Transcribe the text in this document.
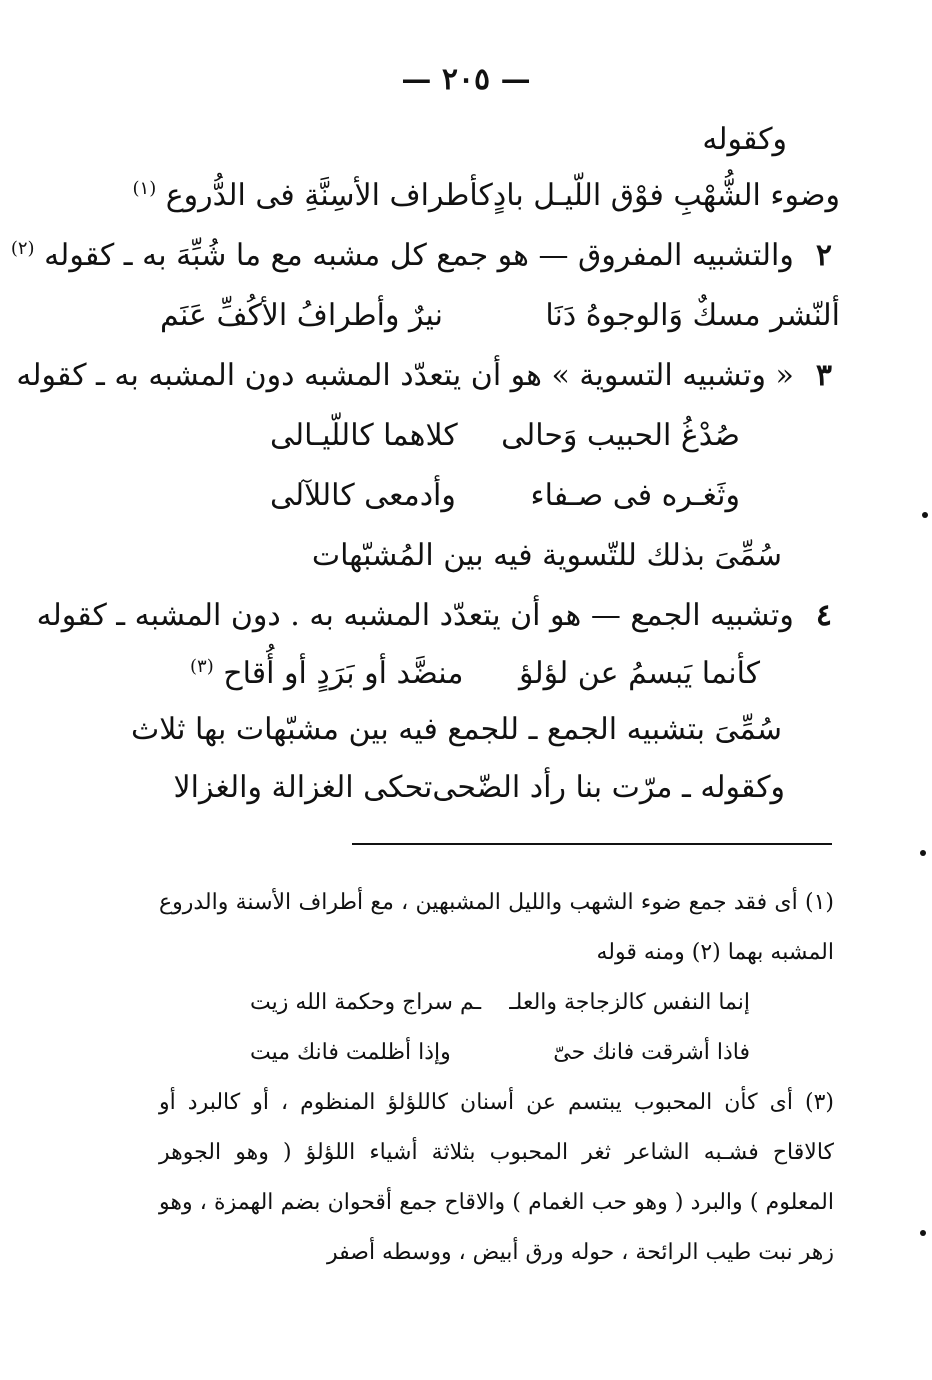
— ٢٠٥ —
وكقوله
وضوء الشُّهْبِ فوْق اللّيـل بادٍ
كأطراف الأسِنَّةِ فى الدُّروع $^{(١)}$
٢والتشبيه المفروق — هو جمع كل مشبه مع ما شُبِّهَ به ـ كقوله $^{(٢)}$
ألنّشر مسكٌ وَالوجوهُ دَنَا
نيرٌ وأطرافُ الأكُفِّ عَنَم
٣« وتشبيه التسوية » هو أن يتعدّد المشبه دون المشبه به ـ كقوله
صُدْغُ الحبيب وَحالى
كلاهما كاللّيـالى
وثَغـره فى صـفاء
وأدمعى كاللآلى
سُمِّىَ بذلك للتّسوية فيه بين المُشبّهات
٤وتشبيه الجمع — هو أن يتعدّد المشبه به . دون المشبه ـ كقوله
كأنما يَبسمُ عن لؤلؤ
منضَّد أو بَرَدٍ أو أُقاح $^{(٣)}$
سُمِّىَ بتشبيه الجمع ـ للجمع فيه بين مشبّهات بها ثلاث
وكقوله ـ مرّت بنا رأد الضّحى
تحكى الغزالة والغزالا
(١) أى فقد جمع ضوء الشهب والليل المشبهين ، مع أطراف الأسنة والدروع المشبه بهما (٢) ومنه قوله
إنما النفس كالزجاجة والعلـ
ـم سراج وحكمة الله زيت
فاذا أشرقت فانك حىّ
وإذا أظلمت فانك ميت
(٣) أى كأن المحبوب يبتسم عن أسنان كاللؤلؤ المنظوم ، أو كالبرد أو كالاقاح فشـبه الشاعر ثغر المحبوب بثلاثة أشياء اللؤلؤ ( وهو الجوهر المعلوم ) والبرد ( وهو حب الغمام ) والاقاح جمع أقحوان بضم الهمزة ، وهو زهر نبت طيب الرائحة ، حوله ورق أبيض ، ووسطه أصفر
